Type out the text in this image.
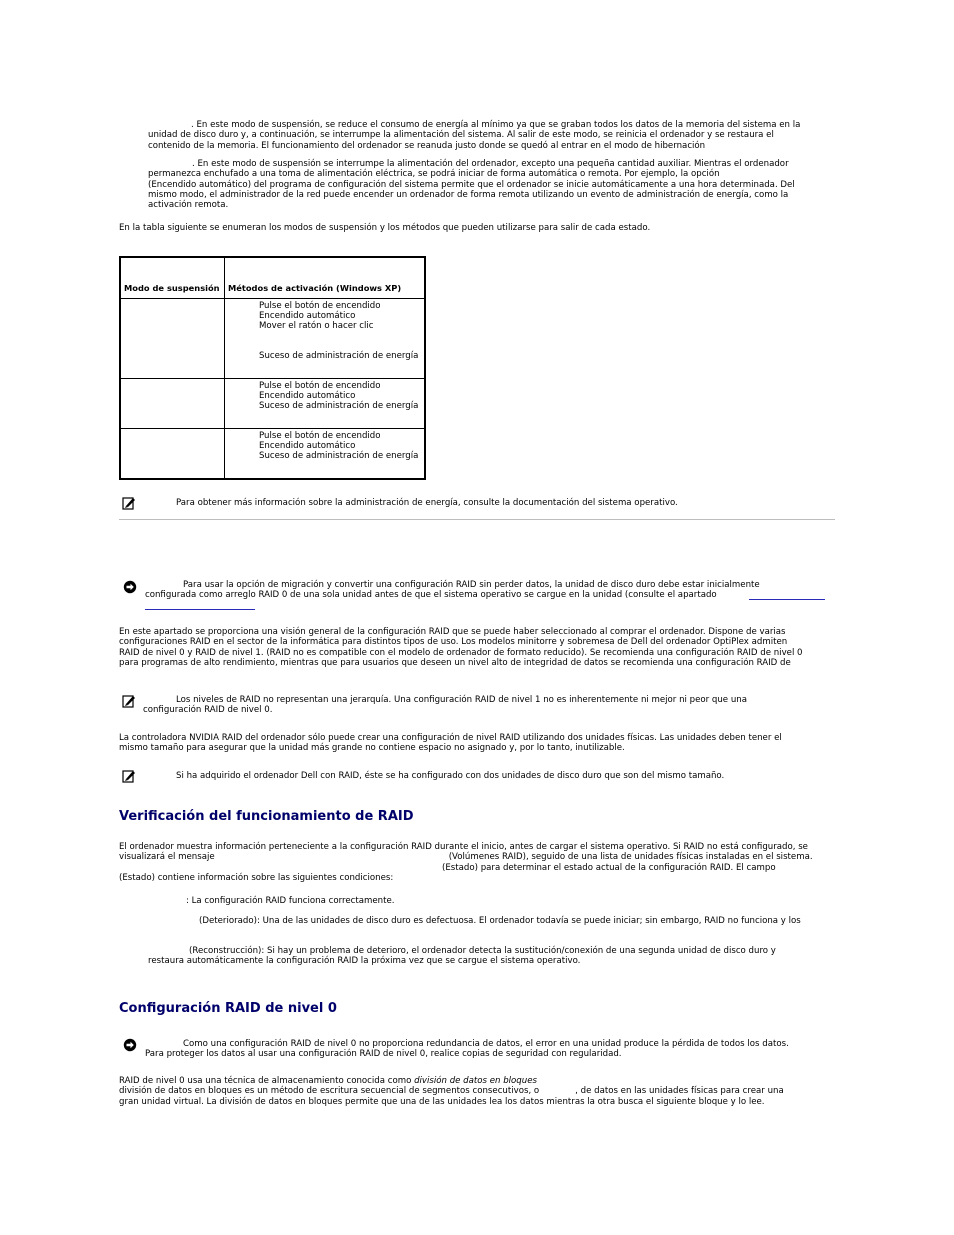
. En este modo de suspensión, se reduce el consumo de energía al mínimo ya que se graban todos los datos de la memoria del sistema en la
unidad de disco duro y, a continuación, se interrumpe la alimentación del sistema. Al salir de este modo, se reinicia el ordenador y se restaura el
contenido de la memoria. El funcionamiento del ordenador se reanuda justo donde se quedó al entrar en el modo de hibernación
. En este modo de suspensión se interrumpe la alimentación del ordenador, excepto una pequeña cantidad auxiliar. Mientras el ordenador
permanezca enchufado a una toma de alimentación eléctrica, se podrá iniciar de forma automática o remota. Por ejemplo, la opción
(Encendido automático) del programa de configuración del sistema permite que el ordenador se inicie automáticamente a una hora determinada. Del
mismo modo, el administrador de la red puede encender un ordenador de forma remota utilizando un evento de administración de energía, como la
activación remota.
En la tabla siguiente se enumeran los modos de suspensión y los métodos que pueden utilizarse para salir de cada estado.
Modo de suspensión	Métodos de activación (Windows XP)

	Pulse el botón de encendido
Encendido automático
Mover el ratón o hacer clic
Suceso de administración de energía

	Pulse el botón de encendido
Encendido automático
Suceso de administración de energía

	Pulse el botón de encendido
Encendido automático
Suceso de administración de energía
Para obtener más información sobre la administración de energía, consulte la documentación del sistema operativo.
Para usar la opción de migración y convertir una configuración RAID sin perder datos, la unidad de disco duro debe estar inicialmente
configurada como arreglo RAID 0 de una sola unidad antes de que el sistema operativo se cargue en la unidad (consulte el apartado
En este apartado se proporciona una visión general de la configuración RAID que se puede haber seleccionado al comprar el ordenador. Dispone de varias
configuraciones RAID en el sector de la informática para distintos tipos de uso. Los modelos minitorre y sobremesa de Dell del ordenador OptiPlex admiten
RAID de nivel 0 y RAID de nivel 1. (RAID no es compatible con el modelo de ordenador de formato reducido). Se recomienda una configuración RAID de nivel 0
para programas de alto rendimiento, mientras que para usuarios que deseen un nivel alto de integridad de datos se recomienda una configuración RAID de
Los niveles de RAID no representan una jerarquía. Una configuración RAID de nivel 1 no es inherentemente ni mejor ni peor que una
configuración RAID de nivel 0.
La controladora NVIDIA RAID del ordenador sólo puede crear una configuración de nivel RAID utilizando dos unidades físicas. Las unidades deben tener el
mismo tamaño para asegurar que la unidad más grande no contiene espacio no asignado y, por lo tanto, inutilizable.
Si ha adquirido el ordenador Dell con RAID, éste se ha configurado con dos unidades de disco duro que son del mismo tamaño.
Verificación del funcionamiento de RAID
El ordenador muestra información perteneciente a la configuración RAID durante el inicio, antes de cargar el sistema operativo. Si RAID no está configurado, se
visualizará el mensaje	(Volúmenes RAID), seguido de una lista de unidades físicas instaladas en el sistema.
(Estado) para determinar el estado actual de la configuración RAID. El campo
(Estado) contiene información sobre las siguientes condiciones:
: La configuración RAID funciona correctamente.
(Deteriorado): Una de las unidades de disco duro es defectuosa. El ordenador todavía se puede iniciar; sin embargo, RAID no funciona y los
(Reconstrucción): Si hay un problema de deterioro, el ordenador detecta la sustitución/conexión de una segunda unidad de disco duro y
restaura automáticamente la configuración RAID la próxima vez que se cargue el sistema operativo.
Configuración RAID de nivel 0
Como una configuración RAID de nivel 0 no proporciona redundancia de datos, el error en una unidad produce la pérdida de todos los datos.
Para proteger los datos al usar una configuración RAID de nivel 0, realice copias de seguridad con regularidad.
RAID de nivel 0 usa una técnica de almacenamiento conocida como división de datos en bloques
división de datos en bloques es un método de escritura secuencial de segmentos consecutivos, o	, de datos en las unidades físicas para crear una
gran unidad virtual. La división de datos en bloques permite que una de las unidades lea los datos mientras la otra busca el siguiente bloque y lo lee.
